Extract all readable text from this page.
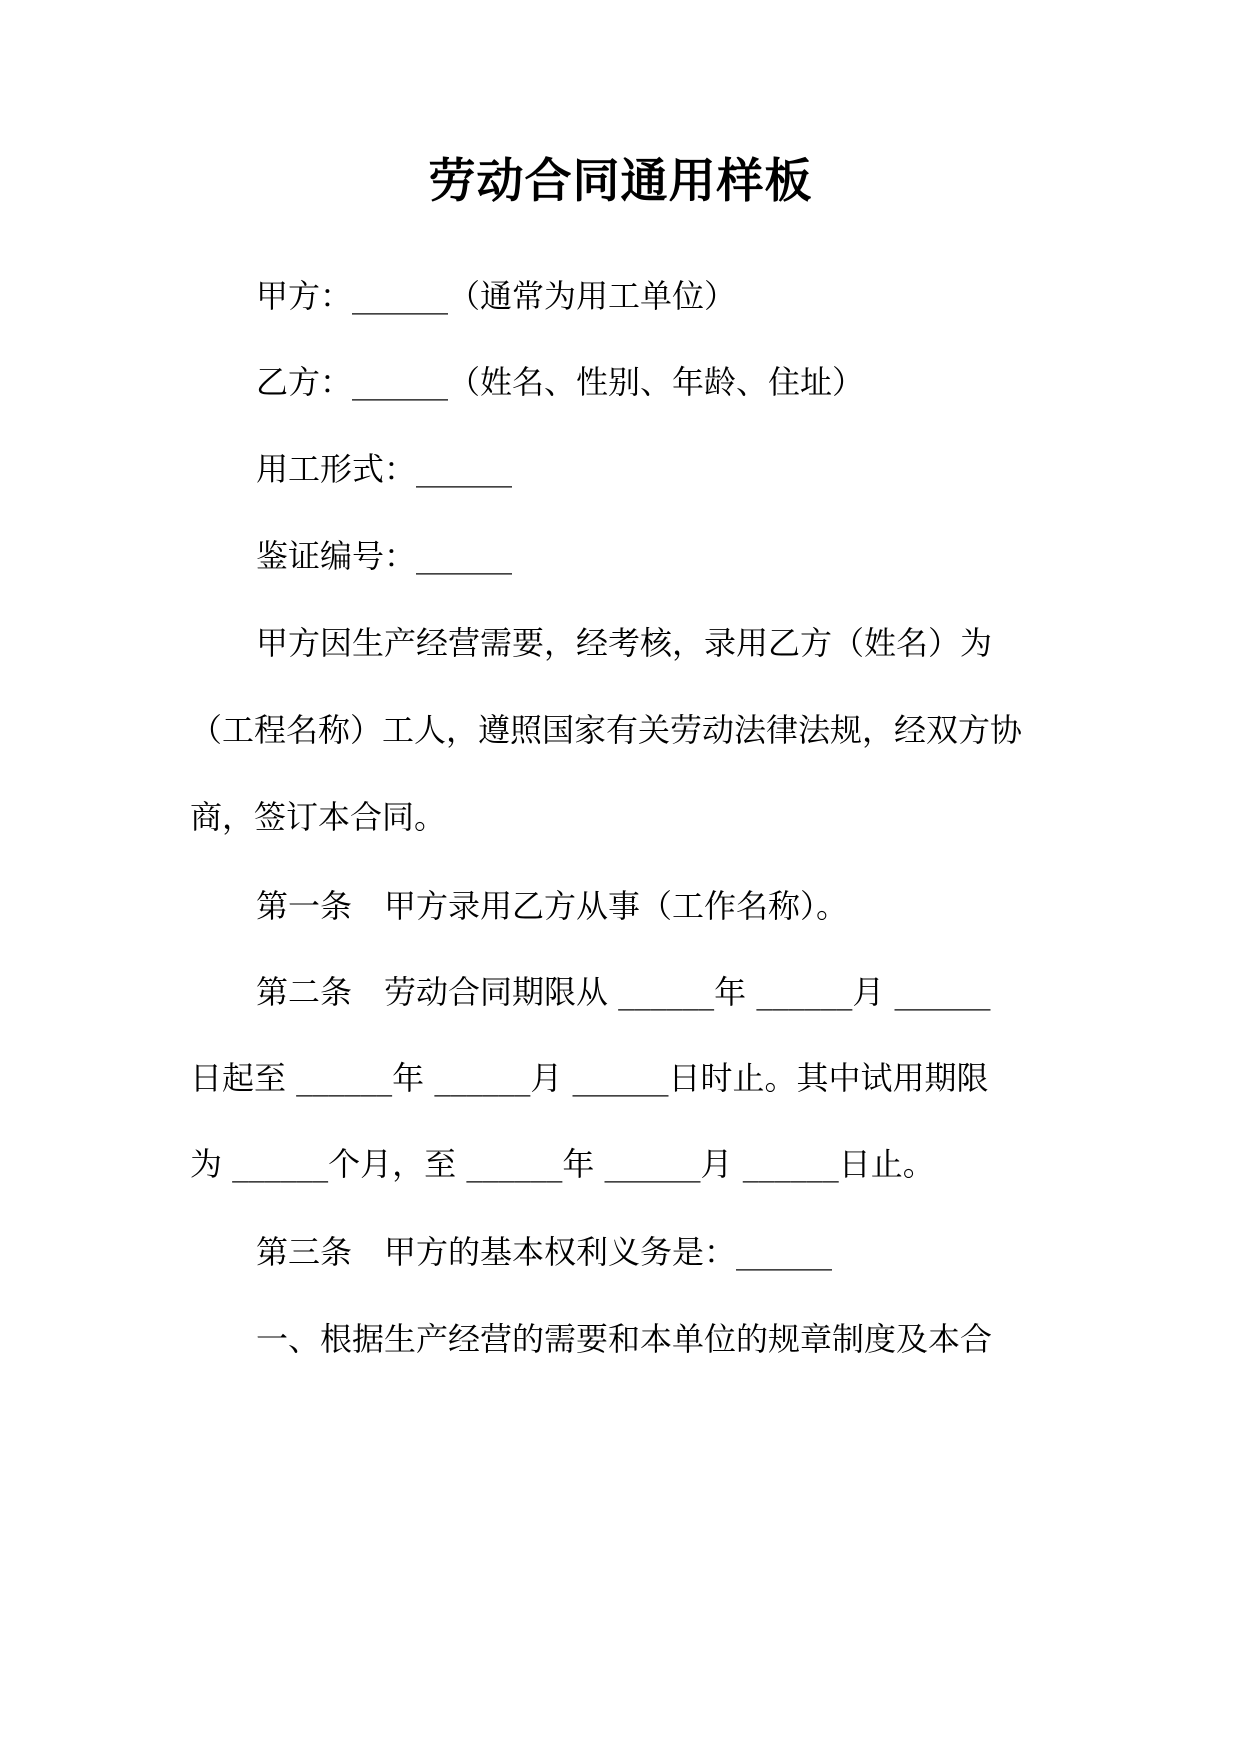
劳动合同通用样板
甲方：______（通常为用工单位）
乙方：______（姓名、性别、年龄、住址）
用工形式：______
鉴证编号：______
甲方因生产经营需要，经考核，录用乙方（姓名）为
（工程名称）工人，遵照国家有关劳动法律法规，经双方协
商，签订本合同。
第一条　甲方录用乙方从事（工作名称）。
第二条　劳动合同期限从 ______年 ______月 ______
日起至 ______年 ______月 ______日时止。其中试用期限
为 ______个月，至 ______年 ______月 ______日止。
第三条　甲方的基本权利义务是：______
一、根据生产经营的需要和本单位的规章制度及本合
